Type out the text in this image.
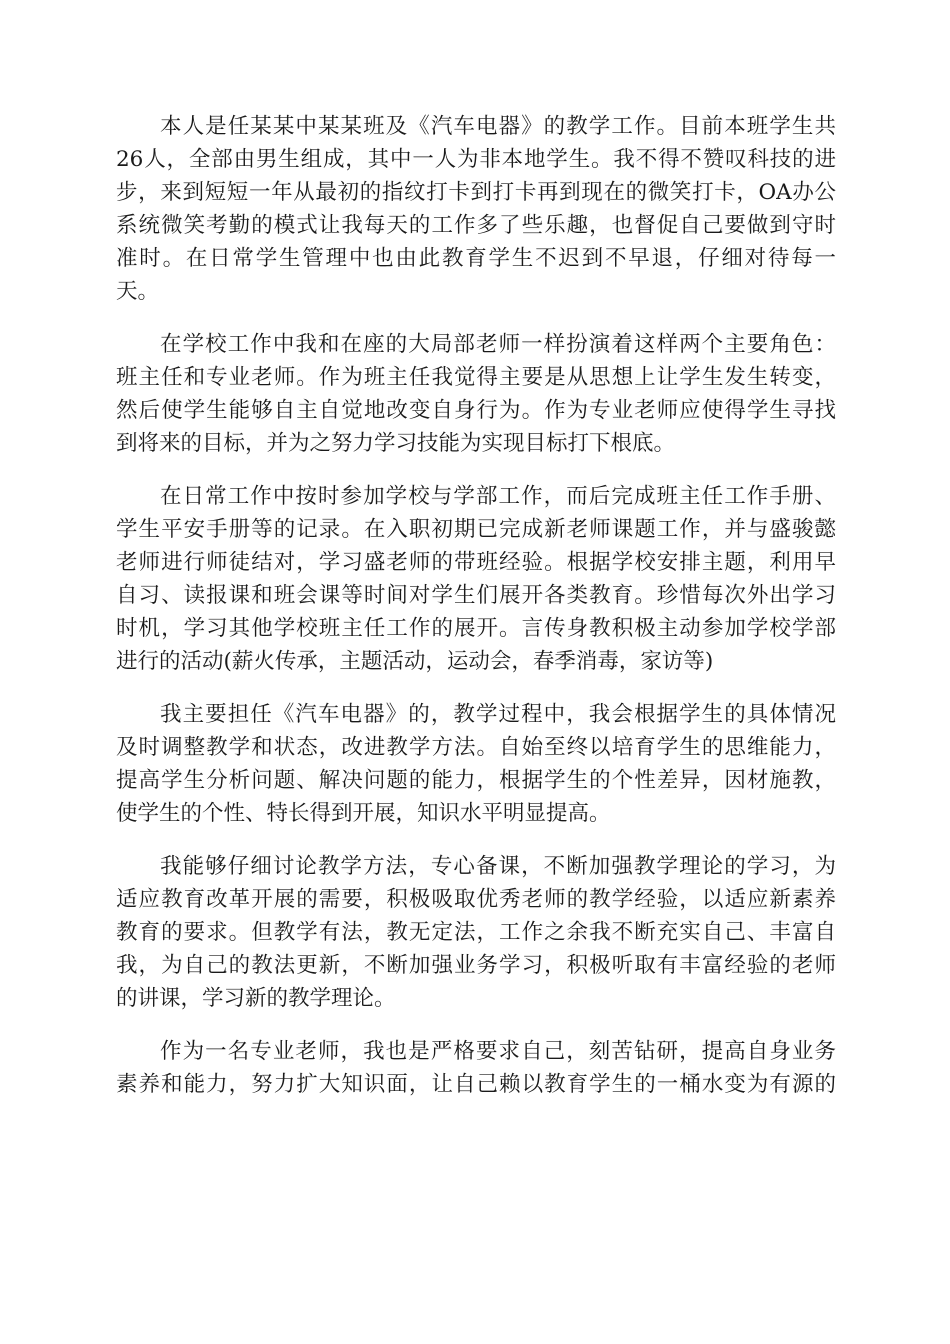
本人是任某某中某某班及《汽车电器》的教学工作。目前本班学生共
26人，全部由男生组成，其中一人为非本地学生。我不得不赞叹科技的进
步，来到短短一年从最初的指纹打卡到打卡再到现在的微笑打卡，OA办公
系统微笑考勤的模式让我每天的工作多了些乐趣，也督促自己要做到守时
准时。在日常学生管理中也由此教育学生不迟到不早退，仔细对待每一
天。
在学校工作中我和在座的大局部老师一样扮演着这样两个主要角色：
班主任和专业老师。作为班主任我觉得主要是从思想上让学生发生转变，
然后使学生能够自主自觉地改变自身行为。作为专业老师应使得学生寻找
到将来的目标，并为之努力学习技能为实现目标打下根底。
在日常工作中按时参加学校与学部工作，而后完成班主任工作手册、
学生平安手册等的记录。在入职初期已完成新老师课题工作，并与盛骏懿
老师进行师徒结对，学习盛老师的带班经验。根据学校安排主题，利用早
自习、读报课和班会课等时间对学生们展开各类教育。珍惜每次外出学习
时机，学习其他学校班主任工作的展开。言传身教积极主动参加学校学部
进行的活动(薪火传承，主题活动，运动会，春季消毒，家访等)
我主要担任《汽车电器》的，教学过程中，我会根据学生的具体情况
及时调整教学和状态，改进教学方法。自始至终以培育学生的思维能力，
提高学生分析问题、解决问题的能力，根据学生的个性差异，因材施教，
使学生的个性、特长得到开展，知识水平明显提高。
我能够仔细讨论教学方法，专心备课，不断加强教学理论的学习，为
适应教育改革开展的需要，积极吸取优秀老师的教学经验，以适应新素养
教育的要求。但教学有法，教无定法，工作之余我不断充实自己、丰富自
我，为自己的教法更新，不断加强业务学习，积极听取有丰富经验的老师
的讲课，学习新的教学理论。
作为一名专业老师，我也是严格要求自己，刻苦钻研，提高自身业务
素养和能力，努力扩大知识面，让自己赖以教育学生的一桶水变为有源的
